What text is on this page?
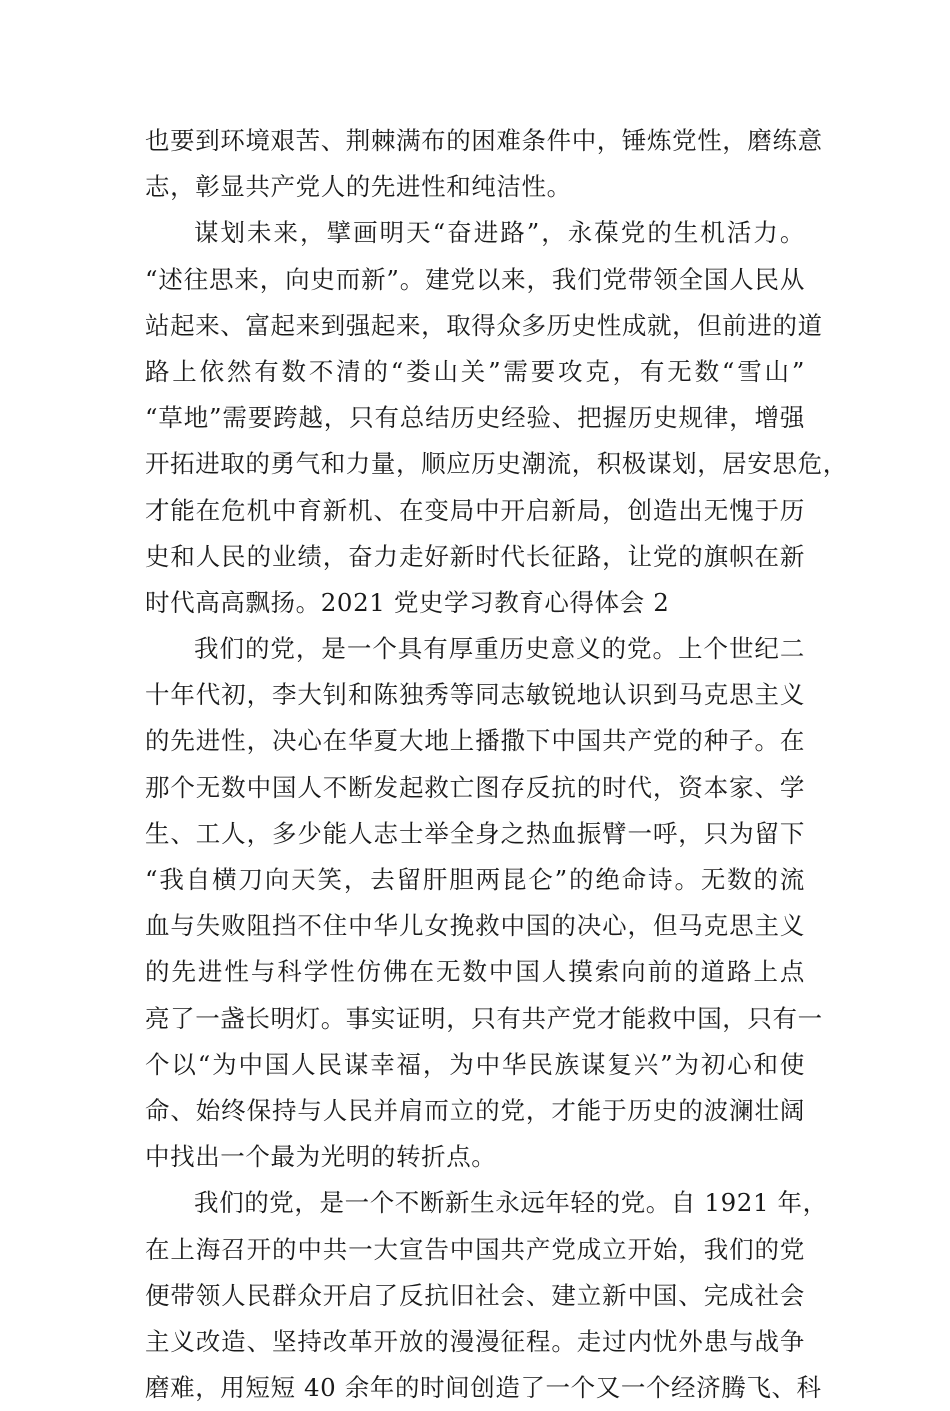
也要到环境艰苦、荆棘满布的困难条件中，锤炼党性，磨练意
志，彰显共产党人的先进性和纯洁性。

谋划未来，擘画明天“奋进路”，永葆党的生机活力。
“述往思来，向史而新”。建党以来，我们党带领全国人民从
站起来、富起来到强起来，取得众多历史性成就，但前进的道
路上依然有数不清的“娄山关”需要攻克，有无数“雪山”
“草地”需要跨越，只有总结历史经验、把握历史规律，增强
开拓进取的勇气和力量，顺应历史潮流，积极谋划，居安思危，
才能在危机中育新机、在变局中开启新局，创造出无愧于历
史和人民的业绩，奋力走好新时代长征路，让党的旗帜在新
时代高高飘扬。2021 党史学习教育心得体会 2

我们的党，是一个具有厚重历史意义的党。上个世纪二
十年代初，李大钊和陈独秀等同志敏锐地认识到马克思主义
的先进性，决心在华夏大地上播撒下中国共产党的种子。在
那个无数中国人不断发起救亡图存反抗的时代，资本家、学
生、工人，多少能人志士举全身之热血振臂一呼，只为留下
“我自横刀向天笑，去留肝胆两昆仑”的绝命诗。无数的流
血与失败阻挡不住中华儿女挽救中国的决心，但马克思主义
的先进性与科学性仿佛在无数中国人摸索向前的道路上点
亮了一盏长明灯。事实证明，只有共产党才能救中国，只有一
个以“为中国人民谋幸福，为中华民族谋复兴”为初心和使
命、始终保持与人民并肩而立的党，才能于历史的波澜壮阔
中找出一个最为光明的转折点。

我们的党，是一个不断新生永远年轻的党。自 1921 年，
在上海召开的中共一大宣告中国共产党成立开始，我们的党
便带领人民群众开启了反抗旧社会、建立新中国、完成社会
主义改造、坚持改革开放的漫漫征程。走过内忧外患与战争
磨难，用短短 40 余年的时间创造了一个又一个经济腾飞、科
